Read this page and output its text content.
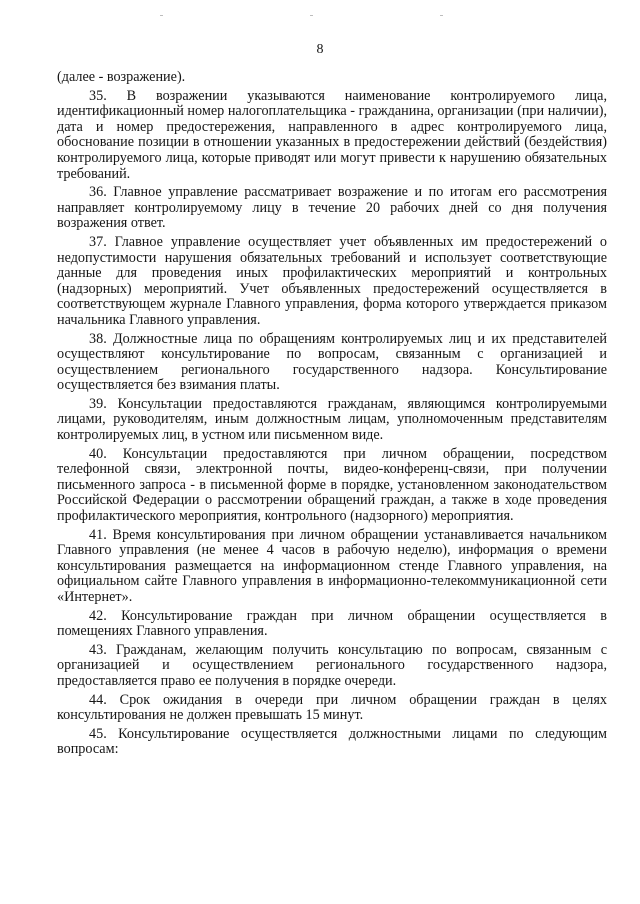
8

(далее - возражение).

35. В возражении указываются наименование контролируемого лица, идентификационный номер налогоплательщика - гражданина, организации (при наличии), дата и номер предостережения, направленного в адрес контролируемого лица, обоснование позиции в отношении указанных в предостережении действий (бездействия) контролируемого лица, которые приводят или могут привести к нарушению обязательных требований.

36. Главное управление рассматривает возражение и по итогам его рассмотрения направляет контролируемому лицу в течение 20 рабочих дней со дня получения возражения ответ.

37. Главное управление осуществляет учет объявленных им предостережений о недопустимости нарушения обязательных требований и использует соответствующие данные для проведения иных профилактических мероприятий и контрольных (надзорных) мероприятий. Учет объявленных предостережений осуществляется в соответствующем журнале Главного управления, форма которого утверждается приказом начальника Главного управления.

38. Должностные лица по обращениям контролируемых лиц и их представителей осуществляют консультирование по вопросам, связанным с организацией и осуществлением регионального государственного надзора. Консультирование осуществляется без взимания платы.

39. Консультации предоставляются гражданам, являющимся контролируемыми лицами, руководителям, иным должностным лицам, уполномоченным представителям контролируемых лиц, в устном или письменном виде.

40. Консультации предоставляются при личном обращении, посредством телефонной связи, электронной почты, видео-конференц-связи, при получении письменного запроса - в письменной форме в порядке, установленном законодательством Российской Федерации о рассмотрении обращений граждан, а также в ходе проведения профилактического мероприятия, контрольного (надзорного) мероприятия.

41. Время консультирования при личном обращении устанавливается начальником Главного управления (не менее 4 часов в рабочую неделю), информация о времени консультирования размещается на информационном стенде Главного управления, на официальном сайте Главного управления в информационно-телекоммуникационной сети «Интернет».

42. Консультирование граждан при личном обращении осуществляется в помещениях Главного управления.

43. Гражданам, желающим получить консультацию по вопросам, связанным с организацией и осуществлением регионального государственного надзора, предоставляется право ее получения в порядке очереди.

44. Срок ожидания в очереди при личном обращении граждан в целях консультирования не должен превышать 15 минут.

45. Консультирование осуществляется должностными лицами по следующим вопросам:
